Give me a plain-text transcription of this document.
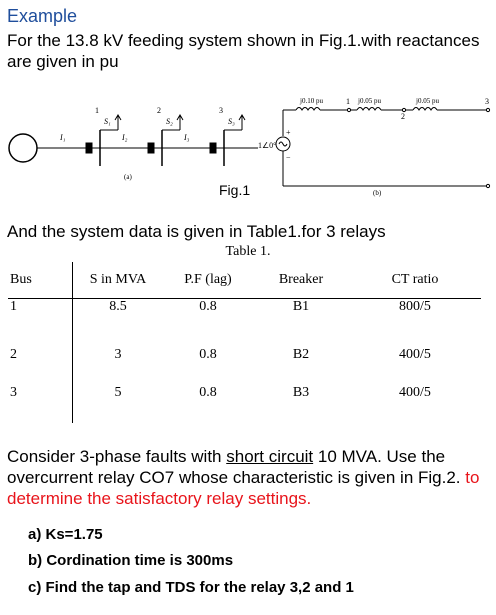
Example
For the 13.8 kV feeding system shown in Fig.1.with reactances are given in pu
1	2	3
S₁	S₂	S₃
I₁	I₂	I₃
(a)
j0.10 pu	j0.05 pu	j0.05 pu
1
2
3
1∠0°
+
−
(b)
Fig.1
And the system data is given in Table1.for 3 relays
Table 1.
Bus	S in MVA	P.F (lag)	Breaker	CT ratio
1	8.5	0.8	B1	800/5
2	3	0.8	B2	400/5
3	5	0.8	B3	400/5
Consider 3-phase faults with short circuit 10 MVA. Use the overcurrent relay CO7 whose characteristic is given in Fig.2. to determine the satisfactory relay settings.
a) Ks=1.75
b) Cordination time is 300ms
c) Find the tap and TDS for the relay 3,2 and 1
